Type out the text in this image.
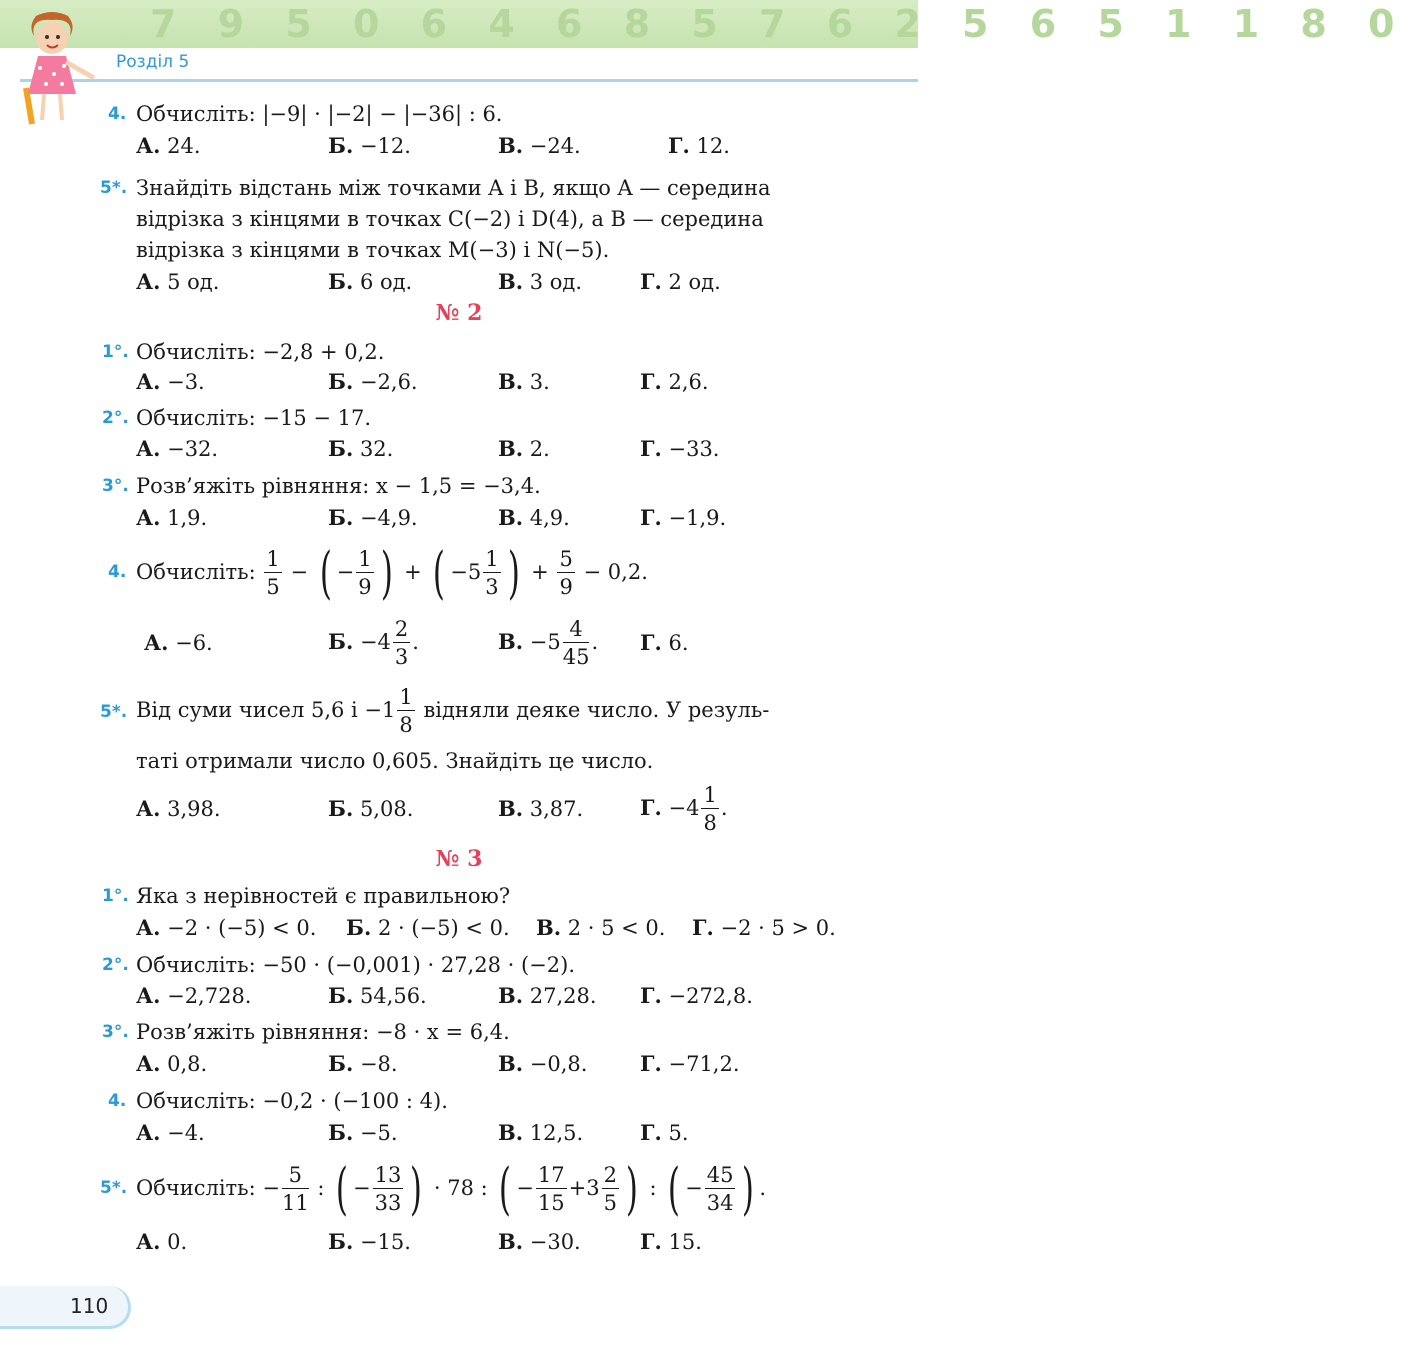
7 9 5 0 6 4 6 8 5 7 6 2 5 6 5 1 1 8 0
Розділ 5
4. Обчисліть: |−9| · |−2| − |−36| : 6.
А. 24.	Б. −12.	В. −24.	Г. 12.
5*. Знайдіть відстань між точками A і B, якщо A — середина
відрізка з кінцями в точках C(−2) і D(4), а B — середина
відрізка з кінцями в точках M(−3) і N(−5).
А. 5 од.	Б. 6 од.	В. 3 од.	Г. 2 од.
№ 2
1°. Обчисліть: −2,8 + 0,2.
А. −3.	Б. −2,6.	В. 3.	Г. 2,6.
2°. Обчисліть: −15 − 17.
А. −32.	Б. 32.	В. 2.	Г. −33.
3°. Розв’яжіть рівняння: x − 1,5 = −3,4.
А. 1,9.	Б. −4,9.	В. 4,9.	Г. −1,9.
4. Обчисліть: $\frac{1}{5}$ − ( − $\frac{1}{9}$ ) + ( $-5 \frac{1}{3}$ ) + $\frac{5}{9} - 0,2$.
А. −6.	Б. $-4 \frac{2}{3}$ .	В. $-5 \frac{4}{45}$ . Г. 6.
5*. Від суми чисел 5,6 $і -1 \frac{1}{8}$ відняли деяке число. У резуль-
таті отримали число 0,605. Знайдіть це число.
А. 3,98.	Б. 5,08.	В. 3,87.	Г. $-4 \frac{1}{8}$ .
№ 3
1°. Яка з нерівностей є правильною?
А. −2 · (−5) < 0. Б. 2 · (−5) < 0. В. 2 · 5 < 0. Г. −2 · 5 > 0.
2°. Обчисліть: −50 · (−0,001) · 27,28 · (−2).
А. −2,728.	Б. 54,56.	В. 27,28. Г. −272,8.
3°. Розв’яжіть рівняння: −8 · x = 6,4.
А. 0,8.	Б. −8.	В. −0,8.	Г. −71,2.
4. Обчисліть: −0,2 · (−100 : 4).
А. −4.	Б. −5.	В. 12,5.	Г. 5.
5*. Обчисліть: − $\frac{5}{11}$ : ( − $\frac{13}{33}$ ) · 78 : ( − $\frac{17}{15} +3 \frac{2}{5}$ ) : ( − $\frac{45}{34}$ ) .
А. 0.	Б. −15.	В. −30.	Г. 15.
110
